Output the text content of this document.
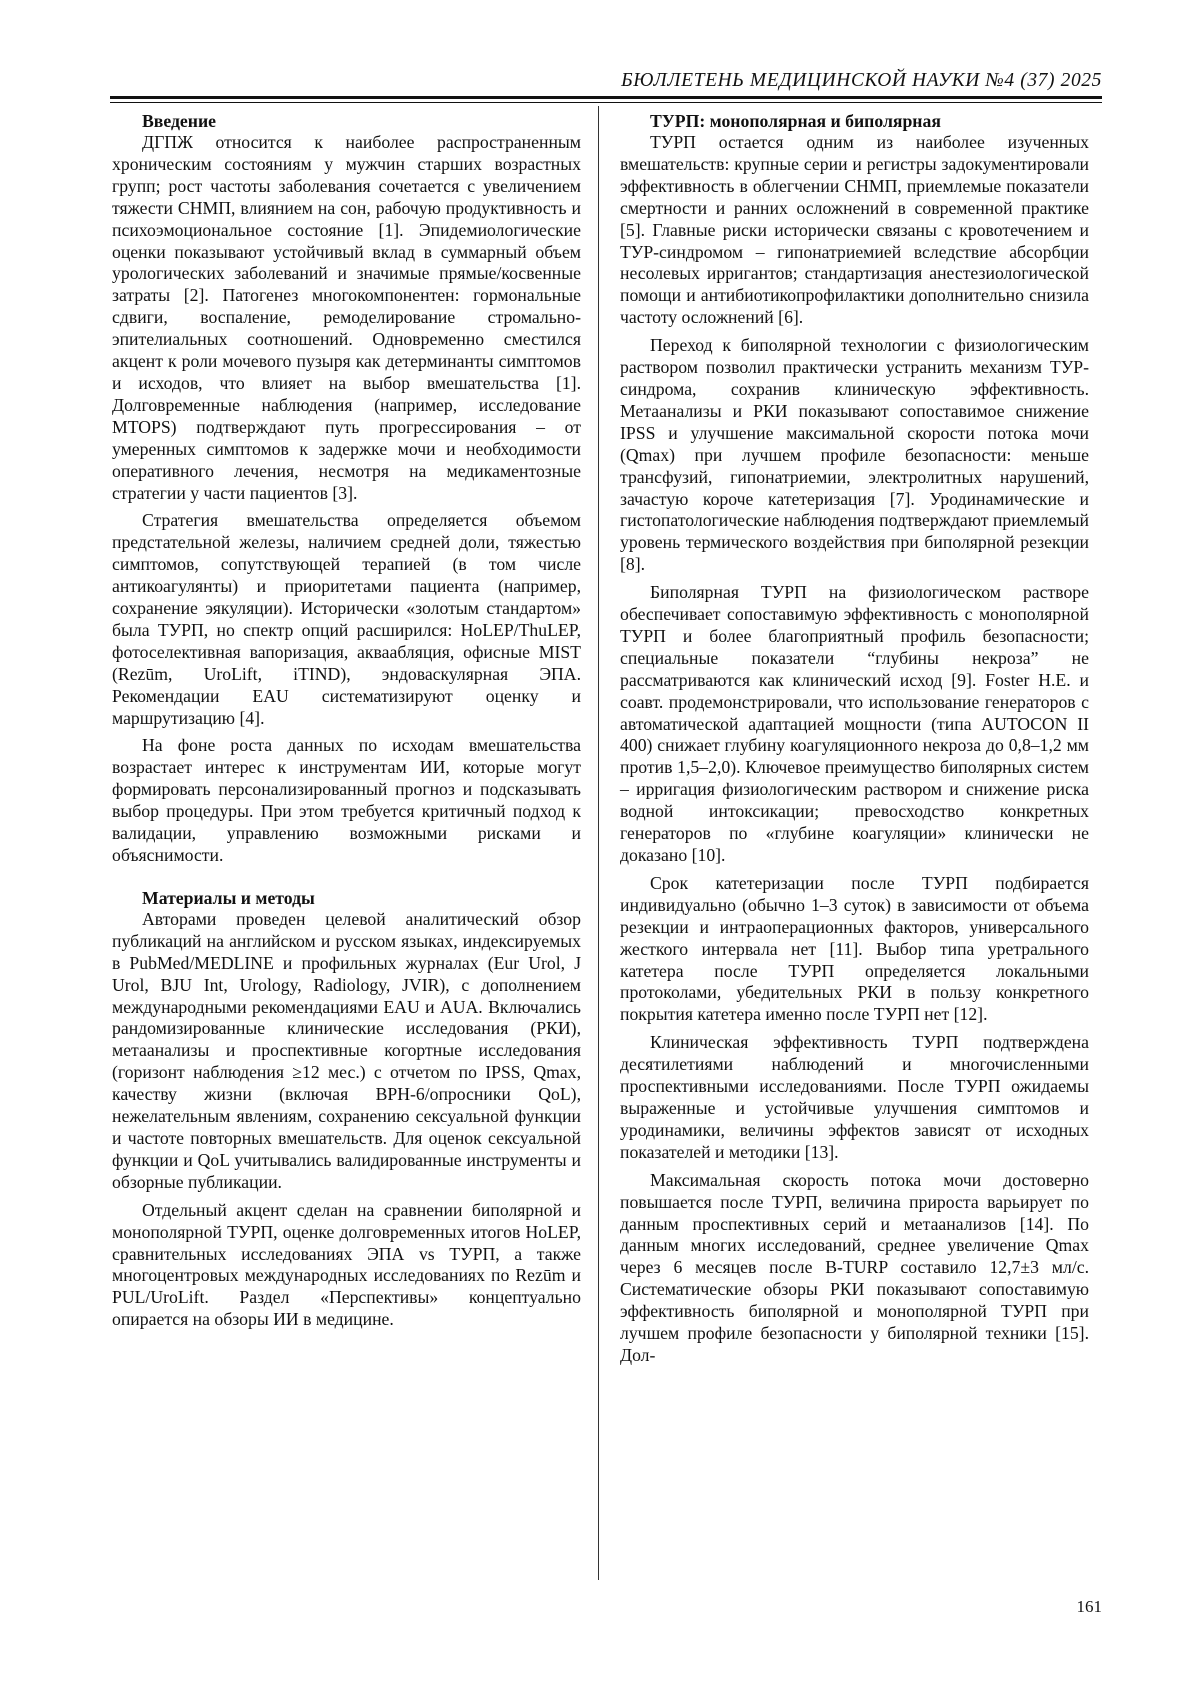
БЮЛЛЕТЕНЬ МЕДИЦИНСКОЙ НАУКИ №4 (37) 2025

Введение

ДГПЖ относится к наиболее распространенным хроническим состояниям у мужчин старших возрастных групп; рост частоты заболевания сочетается с увеличением тяжести СНМП, влиянием на сон, рабочую продуктивность и психоэмоциональное состояние [1]. Эпидемиологические оценки показывают устойчивый вклад в суммарный объем урологических заболеваний и значимые прямые/косвенные затраты [2]. Патогенез многокомпонентен: гормональные сдвиги, воспаление, ремоделирование стромально-эпителиальных соотношений. Одновременно сместился акцент к роли мочевого пузыря как детерминанты симптомов и исходов, что влияет на выбор вмешательства [1]. Долговременные наблюдения (например, исследование MTOPS) подтверждают путь прогрессирования – от умеренных симптомов к задержке мочи и необходимости оперативного лечения, несмотря на медикаментозные стратегии у части пациентов [3].

Стратегия вмешательства определяется объемом предстательной железы, наличием средней доли, тяжестью симптомов, сопутствующей терапией (в том числе антикоагулянты) и приоритетами пациента (например, сохранение эякуляции). Исторически «золотым стандартом» была ТУРП, но спектр опций расширился: HoLEP/ThuLEP, фотоселективная вапоризация, акваабляция, офисные MIST (Rezūm, UroLift, iTIND), эндоваскулярная ЭПА. Рекомендации EAU систематизируют оценку и маршрутизацию [4].

На фоне роста данных по исходам вмешательства возрастает интерес к инструментам ИИ, которые могут формировать персонализированный прогноз и подсказывать выбор процедуры. При этом требуется критичный подход к валидации, управлению возможными рисками и объяснимости.

Материалы и методы

Авторами проведен целевой аналитический обзор публикаций на английском и русском языках, индексируемых в PubMed/MEDLINE и профильных журналах (Eur Urol, J Urol, BJU Int, Urology, Radiology, JVIR), с дополнением международными рекомендациями EAU и AUA. Включались рандомизированные клинические исследования (РКИ), метаанализы и проспективные когортные исследования (горизонт наблюдения ≥12 мес.) с отчетом по IPSS, Qmax, качеству жизни (включая BPH-6/опросники QoL), нежелательным явлениям, сохранению сексуальной функции и частоте повторных вмешательств. Для оценок сексуальной функции и QoL учитывались валидированные инструменты и обзорные публикации.

Отдельный акцент сделан на сравнении биполярной и монополярной ТУРП, оценке долговременных итогов HoLEP, сравнительных исследованиях ЭПА vs ТУРП, а также многоцентровых международных исследованиях по Rezūm и PUL/UroLift. Раздел «Перспективы» концептуально опирается на обзоры ИИ в медицине.

ТУРП: монополярная и биполярная

ТУРП остается одним из наиболее изученных вмешательств: крупные серии и регистры задокументировали эффективность в облегчении СНМП, приемлемые показатели смертности и ранних осложнений в современной практике [5]. Главные риски исторически связаны с кровотечением и ТУР-синдромом – гипонатриемией вследствие абсорбции несолевых ирригантов; стандартизация анестезиологической помощи и антибиотикопрофилактики дополнительно снизила частоту осложнений [6].

Переход к биполярной технологии с физиологическим раствором позволил практически устранить механизм ТУР-синдрома, сохранив клиническую эффективность. Метаанализы и РКИ показывают сопоставимое снижение IPSS и улучшение максимальной скорости потока мочи (Qmax) при лучшем профиле безопасности: меньше трансфузий, гипонатриемии, электролитных нарушений, зачастую короче катетеризация [7]. Уродинамические и гистопатологические наблюдения подтверждают приемлемый уровень термического воздействия при биполярной резекции [8].

Биполярная ТУРП на физиологическом растворе обеспечивает сопоставимую эффективность с монополярной ТУРП и более благоприятный профиль безопасности; специальные показатели “глубины некроза” не рассматриваются как клинический исход [9]. Foster H.E. и соавт. продемонстрировали, что использование генераторов с автоматической адаптацией мощности (типа AUTOCON II 400) снижает глубину коагуляционного некроза до 0,8–1,2 мм против 1,5–2,0). Ключевое преимущество биполярных систем – ирригация физиологическим раствором и снижение риска водной интоксикации; превосходство конкретных генераторов по «глубине коагуляции» клинически не доказано [10].

Срок катетеризации после ТУРП подбирается индивидуально (обычно 1–3 суток) в зависимости от объема резекции и интраоперационных факторов, универсального жесткого интервала нет [11]. Выбор типа уретрального катетера после ТУРП определяется локальными протоколами, убедительных РКИ в пользу конкретного покрытия катетера именно после ТУРП нет [12].

Клиническая эффективность ТУРП подтверждена десятилетиями наблюдений и многочисленными проспективными исследованиями. После ТУРП ожидаемы выраженные и устойчивые улучшения симптомов и уродинамики, величины эффектов зависят от исходных показателей и методики [13].

Максимальная скорость потока мочи достоверно повышается после ТУРП, величина прироста варьирует по данным проспективных серий и метаанализов [14]. По данным многих исследований, среднее увеличение Qmax через 6 месяцев после B-TURP составило 12,7±3 мл/с. Систематические обзоры РКИ показывают сопоставимую эффективность биполярной и монополярной ТУРП при лучшем профиле безопасности у биполярной техники [15]. Дол-

161
